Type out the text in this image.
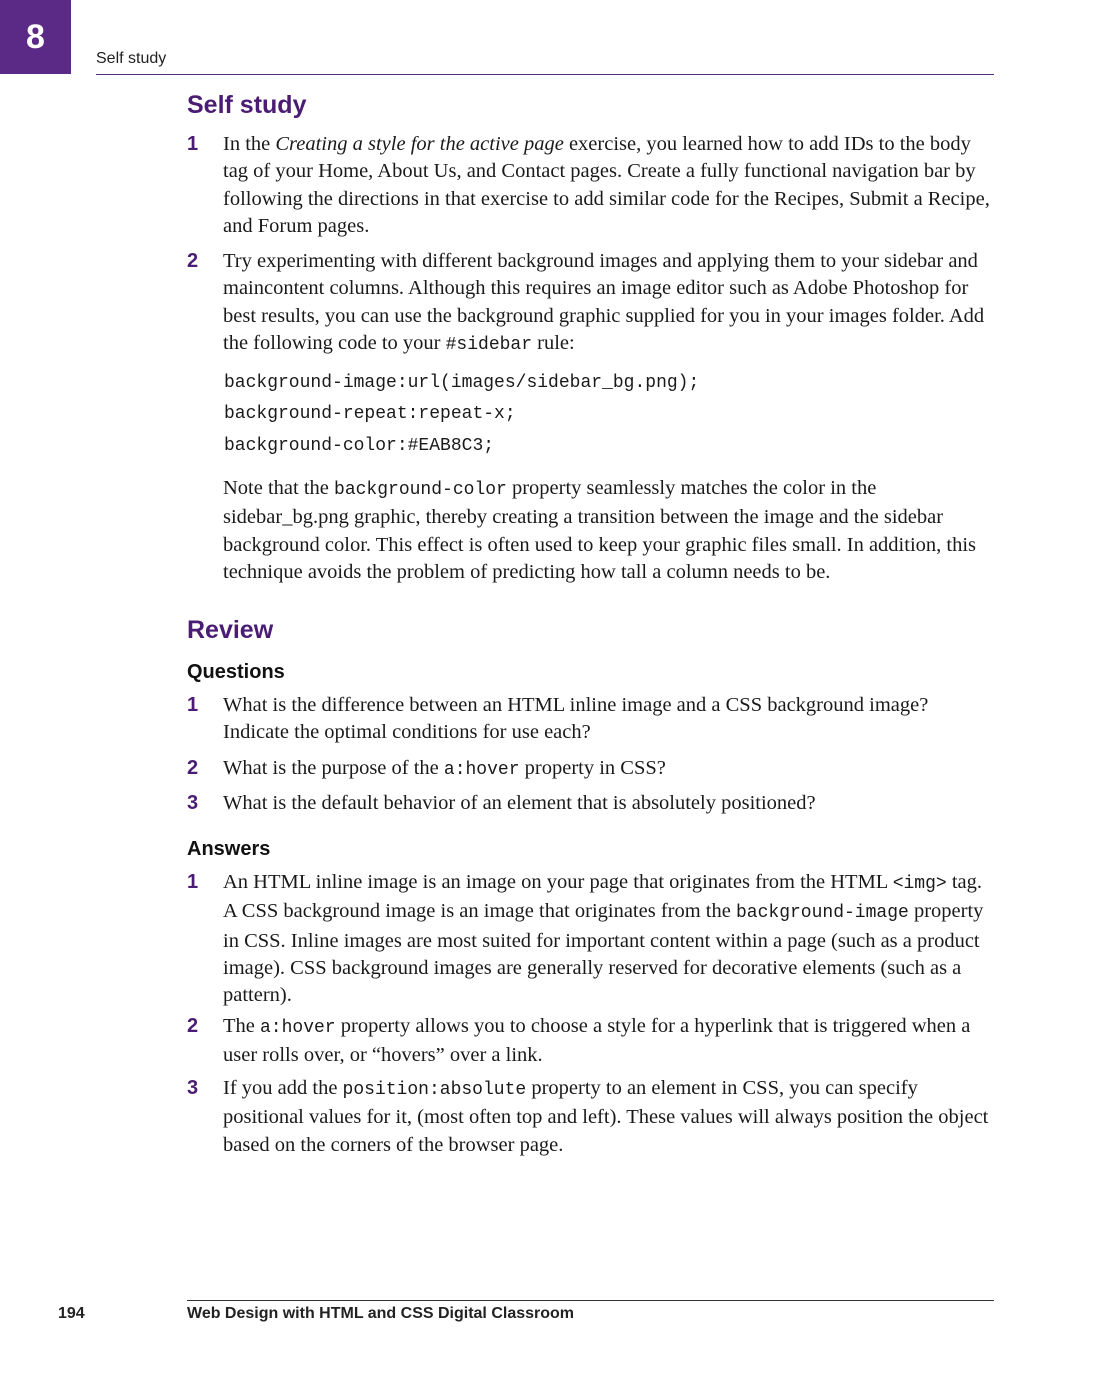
8
Self study
Self study
1	In the Creating a style for the active page exercise, you learned how to add IDs to the body tag of your Home, About Us, and Contact pages. Create a fully functional navigation bar by following the directions in that exercise to add similar code for the Recipes, Submit a Recipe, and Forum pages.
2	Try experimenting with different background images and applying them to your sidebar and maincontent columns. Although this requires an image editor such as Adobe Photoshop for best results, you can use the background graphic supplied for you in your images folder. Add the following code to your #sidebar rule:
background-image:url(images/sidebar_bg.png);
background-repeat:repeat-x;
background-color:#EAB8C3;
Note that the background-color property seamlessly matches the color in the sidebar_bg.png graphic, thereby creating a transition between the image and the sidebar background color. This effect is often used to keep your graphic files small. In addition, this technique avoids the problem of predicting how tall a column needs to be.
Review
Questions
1	What is the difference between an HTML inline image and a CSS background image? Indicate the optimal conditions for use each?
2	What is the purpose of the a:hover property in CSS?
3	What is the default behavior of an element that is absolutely positioned?
Answers
1	An HTML inline image is an image on your page that originates from the HTML <img> tag. A CSS background image is an image that originates from the background-image property in CSS. Inline images are most suited for important content within a page (such as a product image). CSS background images are generally reserved for decorative elements (such as a pattern).
2	The a:hover property allows you to choose a style for a hyperlink that is triggered when a user rolls over, or “hovers” over a link.
3	If you add the position:absolute property to an element in CSS, you can specify positional values for it, (most often top and left). These values will always position the object based on the corners of the browser page.
194	Web Design with HTML and CSS Digital Classroom
